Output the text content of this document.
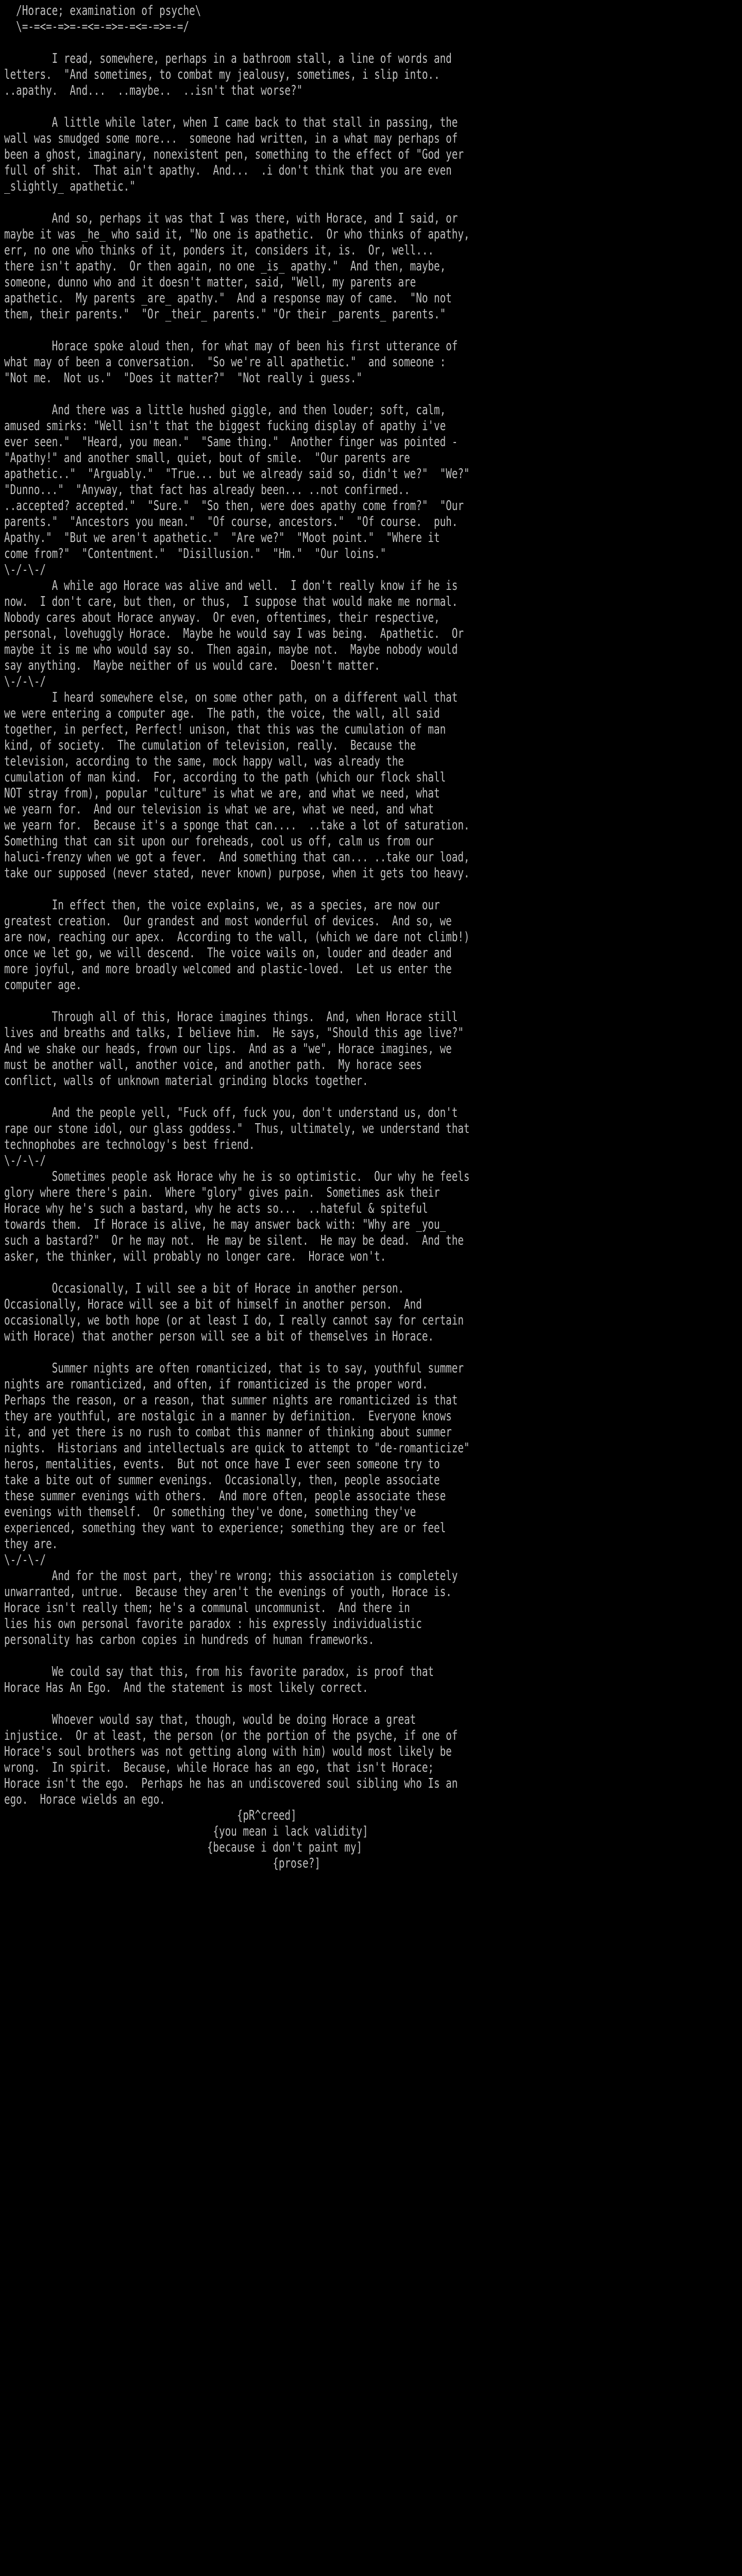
/Horace; examination of psyche\
\=-=<=-=>=-=<=-=>=-=<=-=>=-=/

I read, somewhere, perhaps in a bathroom stall, a line of words and
letters.  "And sometimes, to combat my jealousy, sometimes, i slip into..
..apathy.  And...  ..maybe..  ..isn't that worse?"

A little while later, when I came back to that stall in passing, the
wall was smudged some more...  someone had written, in a what may perhaps of
been a ghost, imaginary, nonexistent pen, something to the effect of "God yer
full of shit.  That ain't apathy.  And...  .i don't think that you are even
_slightly_ apathetic."

And so, perhaps it was that I was there, with Horace, and I said, or
maybe it was _he_ who said it, "No one is apathetic.  Or who thinks of apathy,
err, no one who thinks of it, ponders it, considers it, is.  Or, well...
there isn't apathy.  Or then again, no one _is_ apathy."  And then, maybe,
someone, dunno who and it doesn't matter, said, "Well, my parents are
apathetic.  My parents _are_ apathy."  And a response may of came.  "No not
them, their parents."  "Or _their_ parents." "Or their _parents_ parents."

Horace spoke aloud then, for what may of been his first utterance of
what may of been a conversation.  "So we're all apathetic."  and someone :
"Not me.  Not us."  "Does it matter?"  "Not really i guess."

And there was a little hushed giggle, and then louder; soft, calm,
amused smirks: "Well isn't that the biggest fucking display of apathy i've
ever seen."  "Heard, you mean."  "Same thing."  Another finger was pointed -
"Apathy!" and another small, quiet, bout of smile.  "Our parents are
apathetic.."  "Arguably."  "True... but we already said so, didn't we?"  "We?"
"Dunno..."  "Anyway, that fact has already been... ..not confirmed..
..accepted? accepted."  "Sure."  "So then, were does apathy come from?"  "Our
parents."  "Ancestors you mean."  "Of course, ancestors."  "Of course.  puh.
Apathy."  "But we aren't apathetic."  "Are we?"  "Moot point."  "Where it
come from?"  "Contentment."  "Disillusion."  "Hm."  "Our loins."
\-/-\-/
A while ago Horace was alive and well.  I don't really know if he is
now.  I don't care, but then, or thus,  I suppose that would make me normal.
Nobody cares about Horace anyway.  Or even, oftentimes, their respective,
personal, lovehuggly Horace.  Maybe he would say I was being.  Apathetic.  Or
maybe it is me who would say so.  Then again, maybe not.  Maybe nobody would
say anything.  Maybe neither of us would care.  Doesn't matter.
\-/-\-/
I heard somewhere else, on some other path, on a different wall that
we were entering a computer age.  The path, the voice, the wall, all said
together, in perfect, Perfect! unison, that this was the cumulation of man
kind, of society.  The cumulation of television, really.  Because the
television, according to the same, mock happy wall, was already the
cumulation of man kind.  For, according to the path (which our flock shall
NOT stray from), popular "culture" is what we are, and what we need, what
we yearn for.  And our television is what we are, what we need, and what
we yearn for.  Because it's a sponge that can....  ..take a lot of saturation.
Something that can sit upon our foreheads, cool us off, calm us from our
haluci-frenzy when we got a fever.  And something that can... ..take our load,
take our supposed (never stated, never known) purpose, when it gets too heavy.

In effect then, the voice explains, we, as a species, are now our
greatest creation.  Our grandest and most wonderful of devices.  And so, we
are now, reaching our apex.  According to the wall, (which we dare not climb!)
once we let go, we will descend.  The voice wails on, louder and deader and
more joyful, and more broadly welcomed and plastic-loved.  Let us enter the
computer age.

Through all of this, Horace imagines things.  And, when Horace still
lives and breaths and talks, I believe him.  He says, "Should this age live?"
And we shake our heads, frown our lips.  And as a "we", Horace imagines, we
must be another wall, another voice, and another path.  My horace sees
conflict, walls of unknown material grinding blocks together.

And the people yell, "Fuck off, fuck you, don't understand us, don't
rape our stone idol, our glass goddess."  Thus, ultimately, we understand that
technophobes are technology's best friend.
\-/-\-/
Sometimes people ask Horace why he is so optimistic.  Our why he feels
glory where there's pain.  Where "glory" gives pain.  Sometimes ask their
Horace why he's such a bastard, why he acts so...  ..hateful & spiteful
towards them.  If Horace is alive, he may answer back with: "Why are _you_
such a bastard?"  Or he may not.  He may be silent.  He may be dead.  And the
asker, the thinker, will probably no longer care.  Horace won't.

Occasionally, I will see a bit of Horace in another person.
Occasionally, Horace will see a bit of himself in another person.  And
occasionally, we both hope (or at least I do, I really cannot say for certain
with Horace) that another person will see a bit of themselves in Horace.

Summer nights are often romanticized, that is to say, youthful summer
nights are romanticized, and often, if romanticized is the proper word.
Perhaps the reason, or a reason, that summer nights are romanticized is that
they are youthful, are nostalgic in a manner by definition.  Everyone knows
it, and yet there is no rush to combat this manner of thinking about summer
nights.  Historians and intellectuals are quick to attempt to "de-romanticize"
heros, mentalities, events.  But not once have I ever seen someone try to
take a bite out of summer evenings.  Occasionally, then, people associate
these summer evenings with others.  And more often, people associate these
evenings with themself.  Or something they've done, something they've
experienced, something they want to experience; something they are or feel
they are.
\-/-\-/
And for the most part, they're wrong; this association is completely
unwarranted, untrue.  Because they aren't the evenings of youth, Horace is.
Horace isn't really them; he's a communal uncommunist.  And there in
lies his own personal favorite paradox : his expressly individualistic
personality has carbon copies in hundreds of human frameworks.

We could say that this, from his favorite paradox, is proof that
Horace Has An Ego.  And the statement is most likely correct.

Whoever would say that, though, would be doing Horace a great
injustice.  Or at least, the person (or the portion of the psyche, if one of
Horace's soul brothers was not getting along with him) would most likely be
wrong.  In spirit.  Because, while Horace has an ego, that isn't Horace;
Horace isn't the ego.  Perhaps he has an undiscovered soul sibling who Is an
ego.  Horace wields an ego.
{pR^creed]
{you mean i lack validity]
{because i don't paint my]
{prose?]
